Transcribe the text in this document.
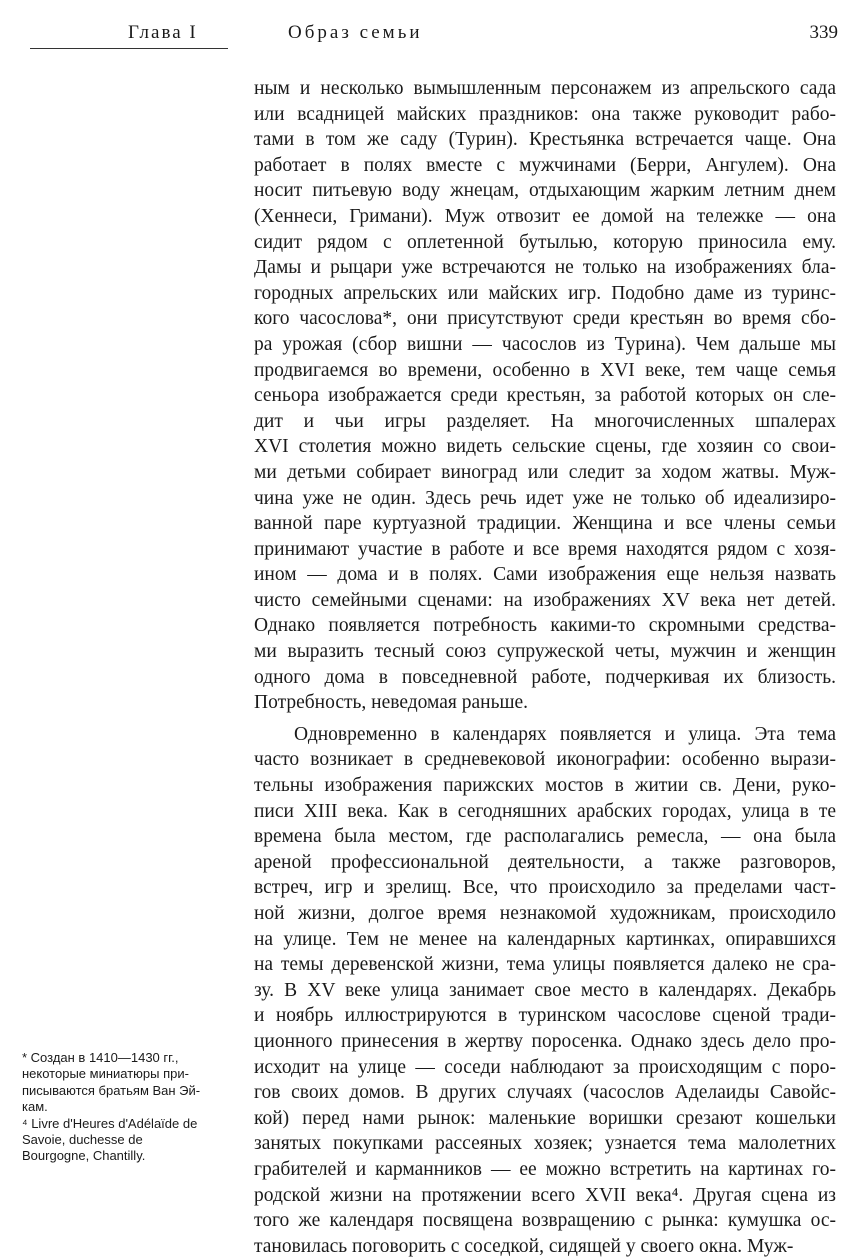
Глава I	Образ семьи	339
ным и несколько вымышленным персонажем из апрельского сада
или всадницей майских праздников: она также руководит рабо-
тами в том же саду (Турин). Крестьянка встречается чаще. Она
работает в полях вместе с мужчинами (Берри, Ангулем). Она
носит питьевую воду жнецам, отдыхающим жарким летним днем
(Хеннеси, Гримани). Муж отвозит ее домой на тележке — она
сидит рядом с оплетенной бутылью, которую приносила ему.
Дамы и рыцари уже встречаются не только на изображениях бла-
городных апрельских или майских игр. Подобно даме из туринс-
кого часослова*, они присутствуют среди крестьян во время сбо-
ра урожая (сбор вишни — часослов из Турина). Чем дальше мы
продвигаемся во времени, особенно в XVI веке, тем чаще семья
сеньора изображается среди крестьян, за работой которых он сле-
дит и чьи игры разделяет. На многочисленных шпалерах
XVI столетия можно видеть сельские сцены, где хозяин со свои-
ми детьми собирает виноград или следит за ходом жатвы. Муж-
чина уже не один. Здесь речь идет уже не только об идеализиро-
ванной паре куртуазной традиции. Женщина и все члены семьи
принимают участие в работе и все время находятся рядом с хозя-
ином — дома и в полях. Сами изображения еще нельзя назвать
чисто семейными сценами: на изображениях XV века нет детей.
Однако появляется потребность какими-то скромными средства-
ми выразить тесный союз супружеской четы, мужчин и женщин
одного дома в повседневной работе, подчеркивая их близость.
Потребность, неведомая раньше.
Одновременно в календарях появляется и улица. Эта тема
часто возникает в средневековой иконографии: особенно вырази-
тельны изображения парижских мостов в житии св. Дени, руко-
писи XIII века. Как в сегодняшних арабских городах, улица в те
времена была местом, где располагались ремесла, — она была
ареной профессиональной деятельности, а также разговоров,
встреч, игр и зрелищ. Все, что происходило за пределами част-
ной жизни, долгое время незнакомой художникам, происходило
на улице. Тем не менее на календарных картинках, опиравшихся
на темы деревенской жизни, тема улицы появляется далеко не сра-
зу. В XV веке улица занимает свое место в календарях. Декабрь
и ноябрь иллюстрируются в туринском часослове сценой тради-
ционного принесения в жертву поросенка. Однако здесь дело про-
исходит на улице — соседи наблюдают за происходящим с поро-
гов своих домов. В других случаях (часослов Аделаиды Савойс-
кой) перед нами рынок: маленькие воришки срезают кошельки
занятых покупками рассеяных хозяек; узнается тема малолетних
грабителей и карманников — ее можно встретить на картинах го-
родской жизни на протяжении всего XVII века⁴. Другая сцена из
того же календаря посвящена возвращению с рынка: кумушка ос-
тановилась поговорить с соседкой, сидящей у своего окна. Муж-
* Создан в 1410—1430 гг.,
некоторые миниатюры при-
писываются братьям Ван Эй-
кам.
⁴ Livre d'Heures d'Adélaïde de
Savoie, duchesse de
Bourgogne, Chantilly.
